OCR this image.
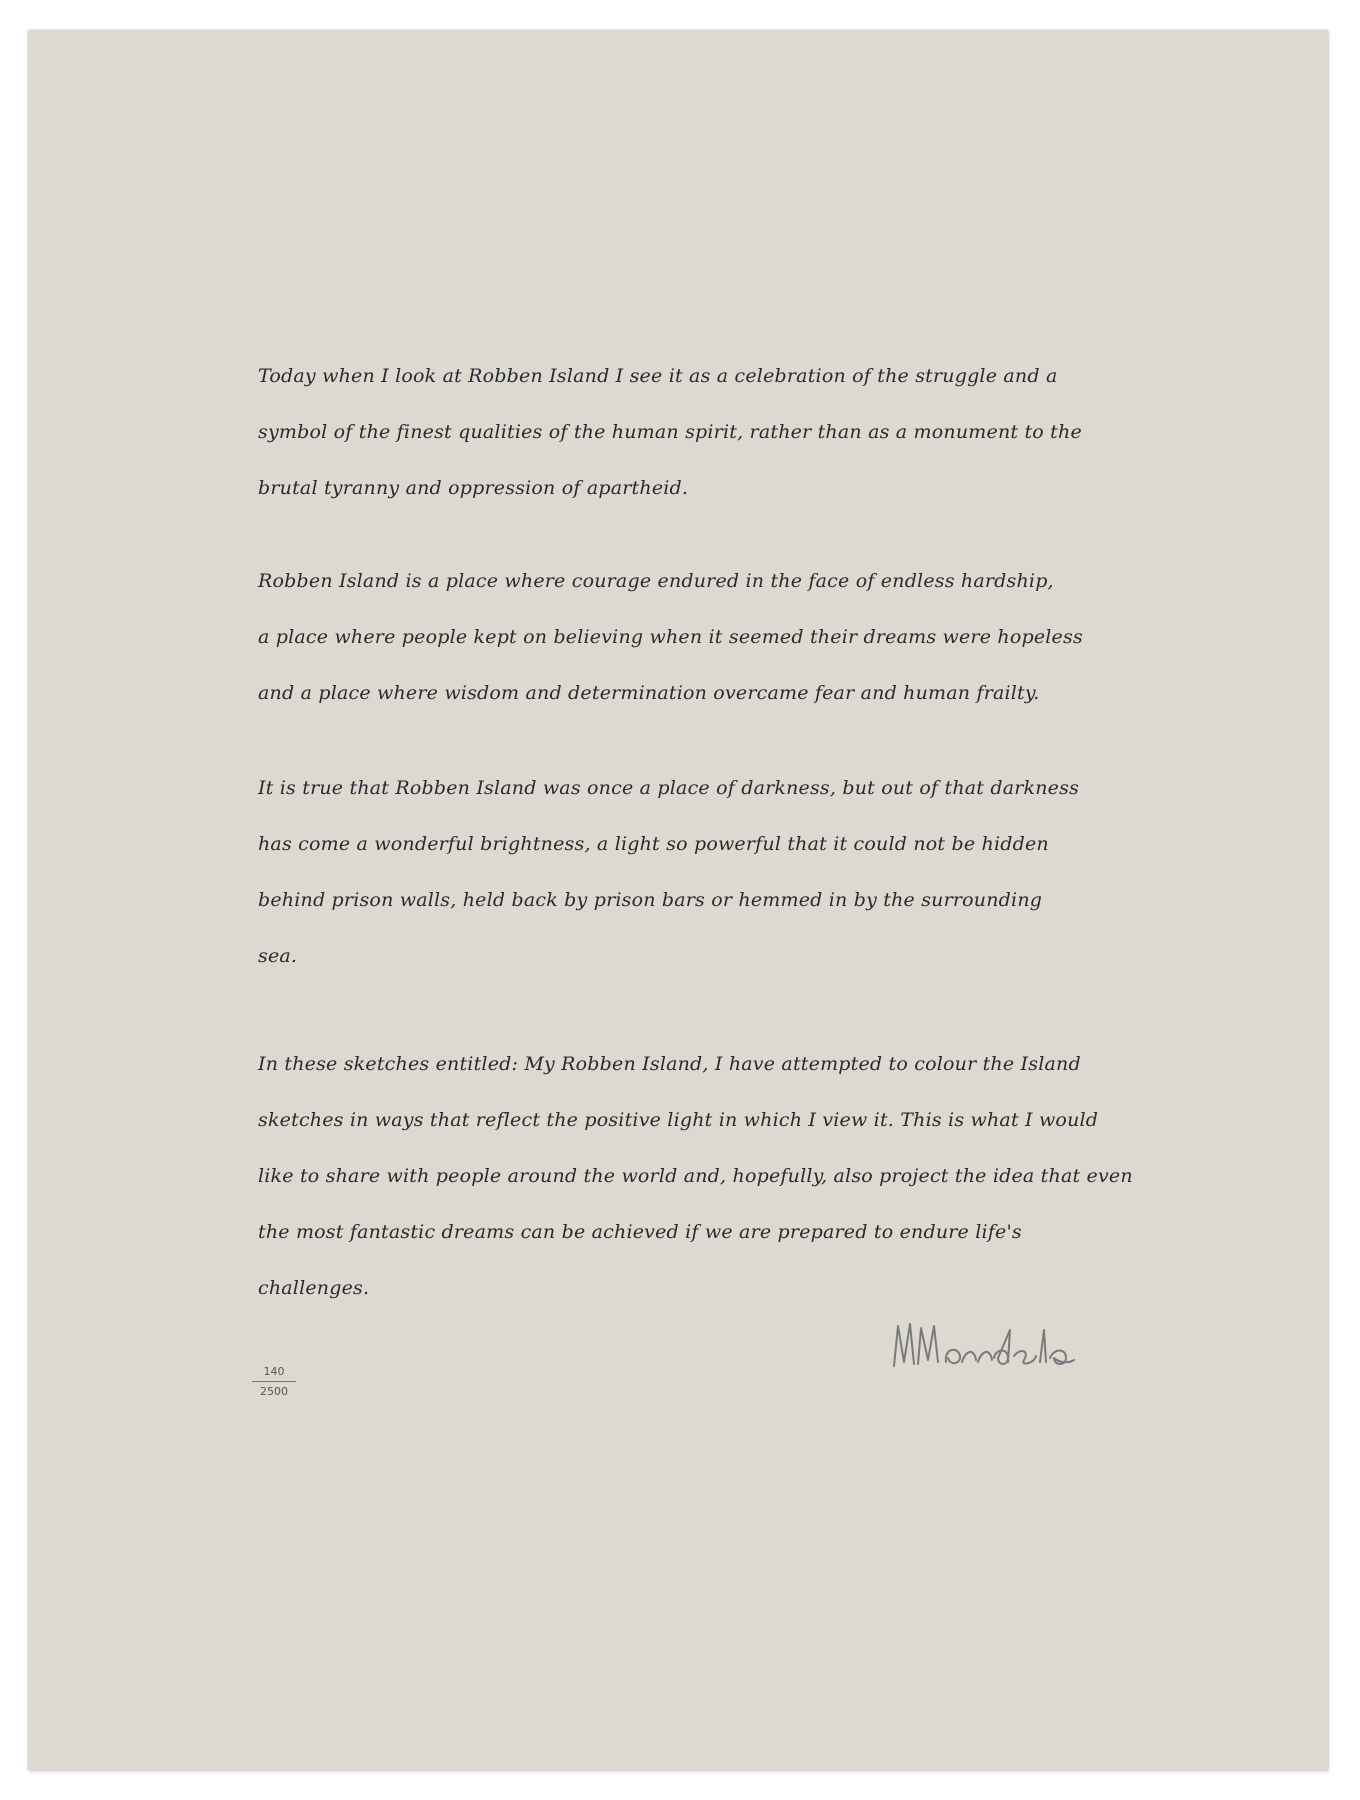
Today when I look at Robben Island I see it as a celebration of the struggle and a
symbol of the finest qualities of the human spirit, rather than as a monument to the
brutal tyranny and oppression of apartheid.
Robben Island is a place where courage endured in the face of endless hardship,
a place where people kept on believing when it seemed their dreams were hopeless
and a place where wisdom and determination overcame fear and human frailty.
It is true that Robben Island was once a place of darkness, but out of that darkness
has come a wonderful brightness, a light so powerful that it could not be hidden
behind prison walls, held back by prison bars or hemmed in by the surrounding
sea.
In these sketches entitled: My Robben Island, I have attempted to colour the Island
sketches in ways that reflect the positive light in which I view it. This is what I would
like to share with people around the world and, hopefully, also project the idea that even
the most fantastic dreams can be achieved if we are prepared to endure life's
challenges.
140
2500
